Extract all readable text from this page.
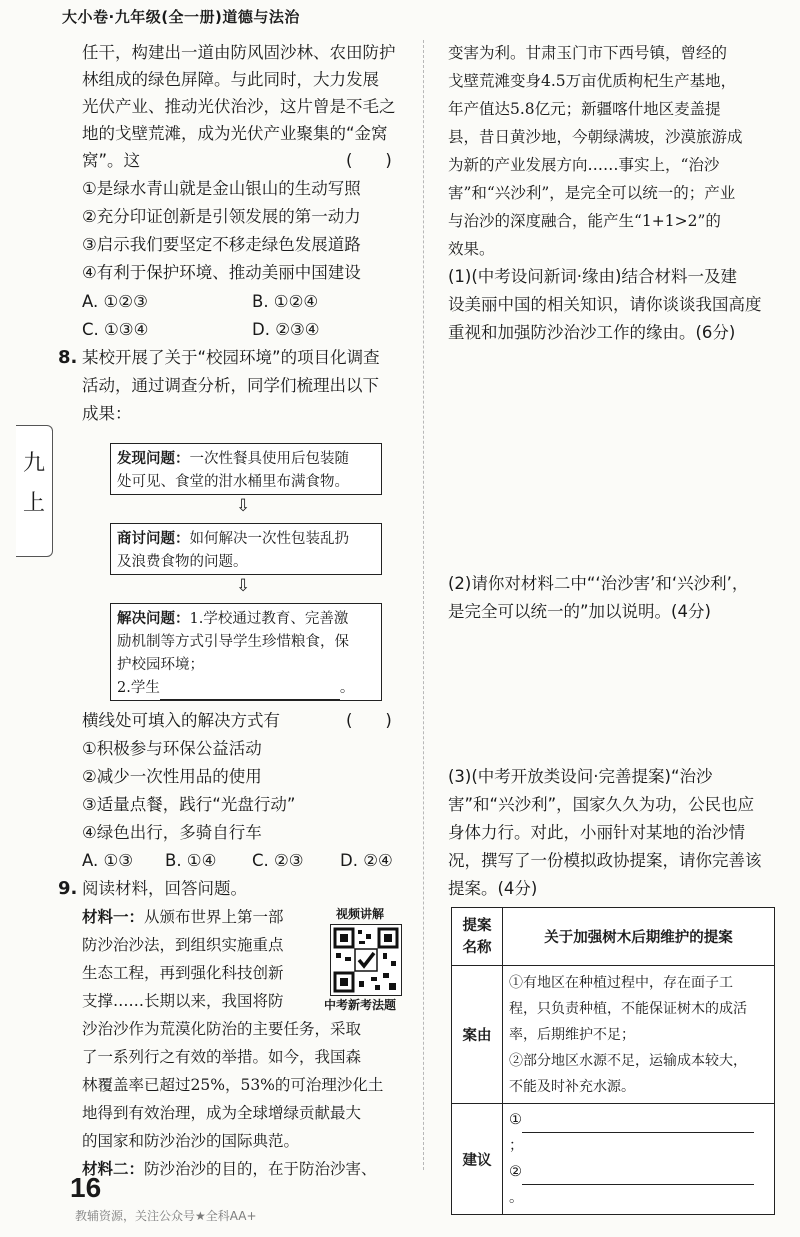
大小卷·九年级(全一册)道德与法治
九
上
任干，构建出一道由防风固沙林、农田防护
林组成的绿色屏障。与此同时，大力发展
光伏产业、推动光伏治沙，这片曾是不毛之
地的戈壁荒滩，成为光伏产业聚集的“金窝
窝”。这	(　　)
①是绿水青山就是金山银山的生动写照
②充分印证创新是引领发展的第一动力
③启示我们要坚定不移走绿色发展道路
④有利于保护环境、推动美丽中国建设
A. ①②③	B. ①②④
C. ①③④	D. ②③④
8. 某校开展了关于“校园环境”的项目化调查
活动，通过调查分析，同学们梳理出以下
成果：
发现问题：一次性餐具使用后包装随
处可见、食堂的泔水桶里布满食物。
⇩
商讨问题：如何解决一次性包装乱扔
及浪费食物的问题。
⇩
解决问题：1.学校通过教育、完善激
励机制等方式引导学生珍惜粮食，保
护校园环境；
2.学生	。
横线处可填入的解决方式有	(　　)
①积极参与环保公益活动
②减少一次性用品的使用
③适量点餐，践行“光盘行动”
④绿色出行，多骑自行车
A. ①③ B. ①④ C. ②③ D. ②④
9. 阅读材料，回答问题。
材料一：从颁布世界上第一部
防沙治沙法，到组织实施重点
生态工程，再到强化科技创新
支撑……长期以来，我国将防
沙治沙作为荒漠化防治的主要任务，采取
了一系列行之有效的举措。如今，我国森
林覆盖率已超过25%，53%的可治理沙化土
地得到有效治理，成为全球增绿贡献最大
的国家和防沙治沙的国际典范。
材料二：防沙治沙的目的，在于防治沙害、
视频讲解
中考新考法题
变害为利。甘肃玉门市下西号镇，曾经的
戈壁荒滩变身4.5万亩优质枸杞生产基地，
年产值达5.8亿元；新疆喀什地区麦盖提
县，昔日黄沙地，今朝绿满坡，沙漠旅游成
为新的产业发展方向……事实上，“治沙
害”和“兴沙利”，是完全可以统一的；产业
与治沙的深度融合，能产生“1+1>2”的
效果。
(1)(中考设问新词·缘由)结合材料一及建
设美丽中国的相关知识，请你谈谈我国高度
重视和加强防沙治沙工作的缘由。(6分)
(2)请你对材料二中“‘治沙害’和‘兴沙利’，
是完全可以统一的”加以说明。(4分)
(3)(中考开放类设问·完善提案)“治沙
害”和“兴沙利”，国家久久为功，公民也应
身体力行。对此，小丽针对某地的治沙情
况，撰写了一份模拟政协提案，请你完善该
提案。(4分)
提案
名称	关于加强树木后期维护的提案
案由	①有地区在种植过程中，存在面子工
程，只负责种植，不能保证树木的成活
率，后期维护不足；
②部分地区水源不足，运输成本较大，
不能及时补充水源。
建议	①；
②。
16
教辅资源，关注公众号★全科AA+
